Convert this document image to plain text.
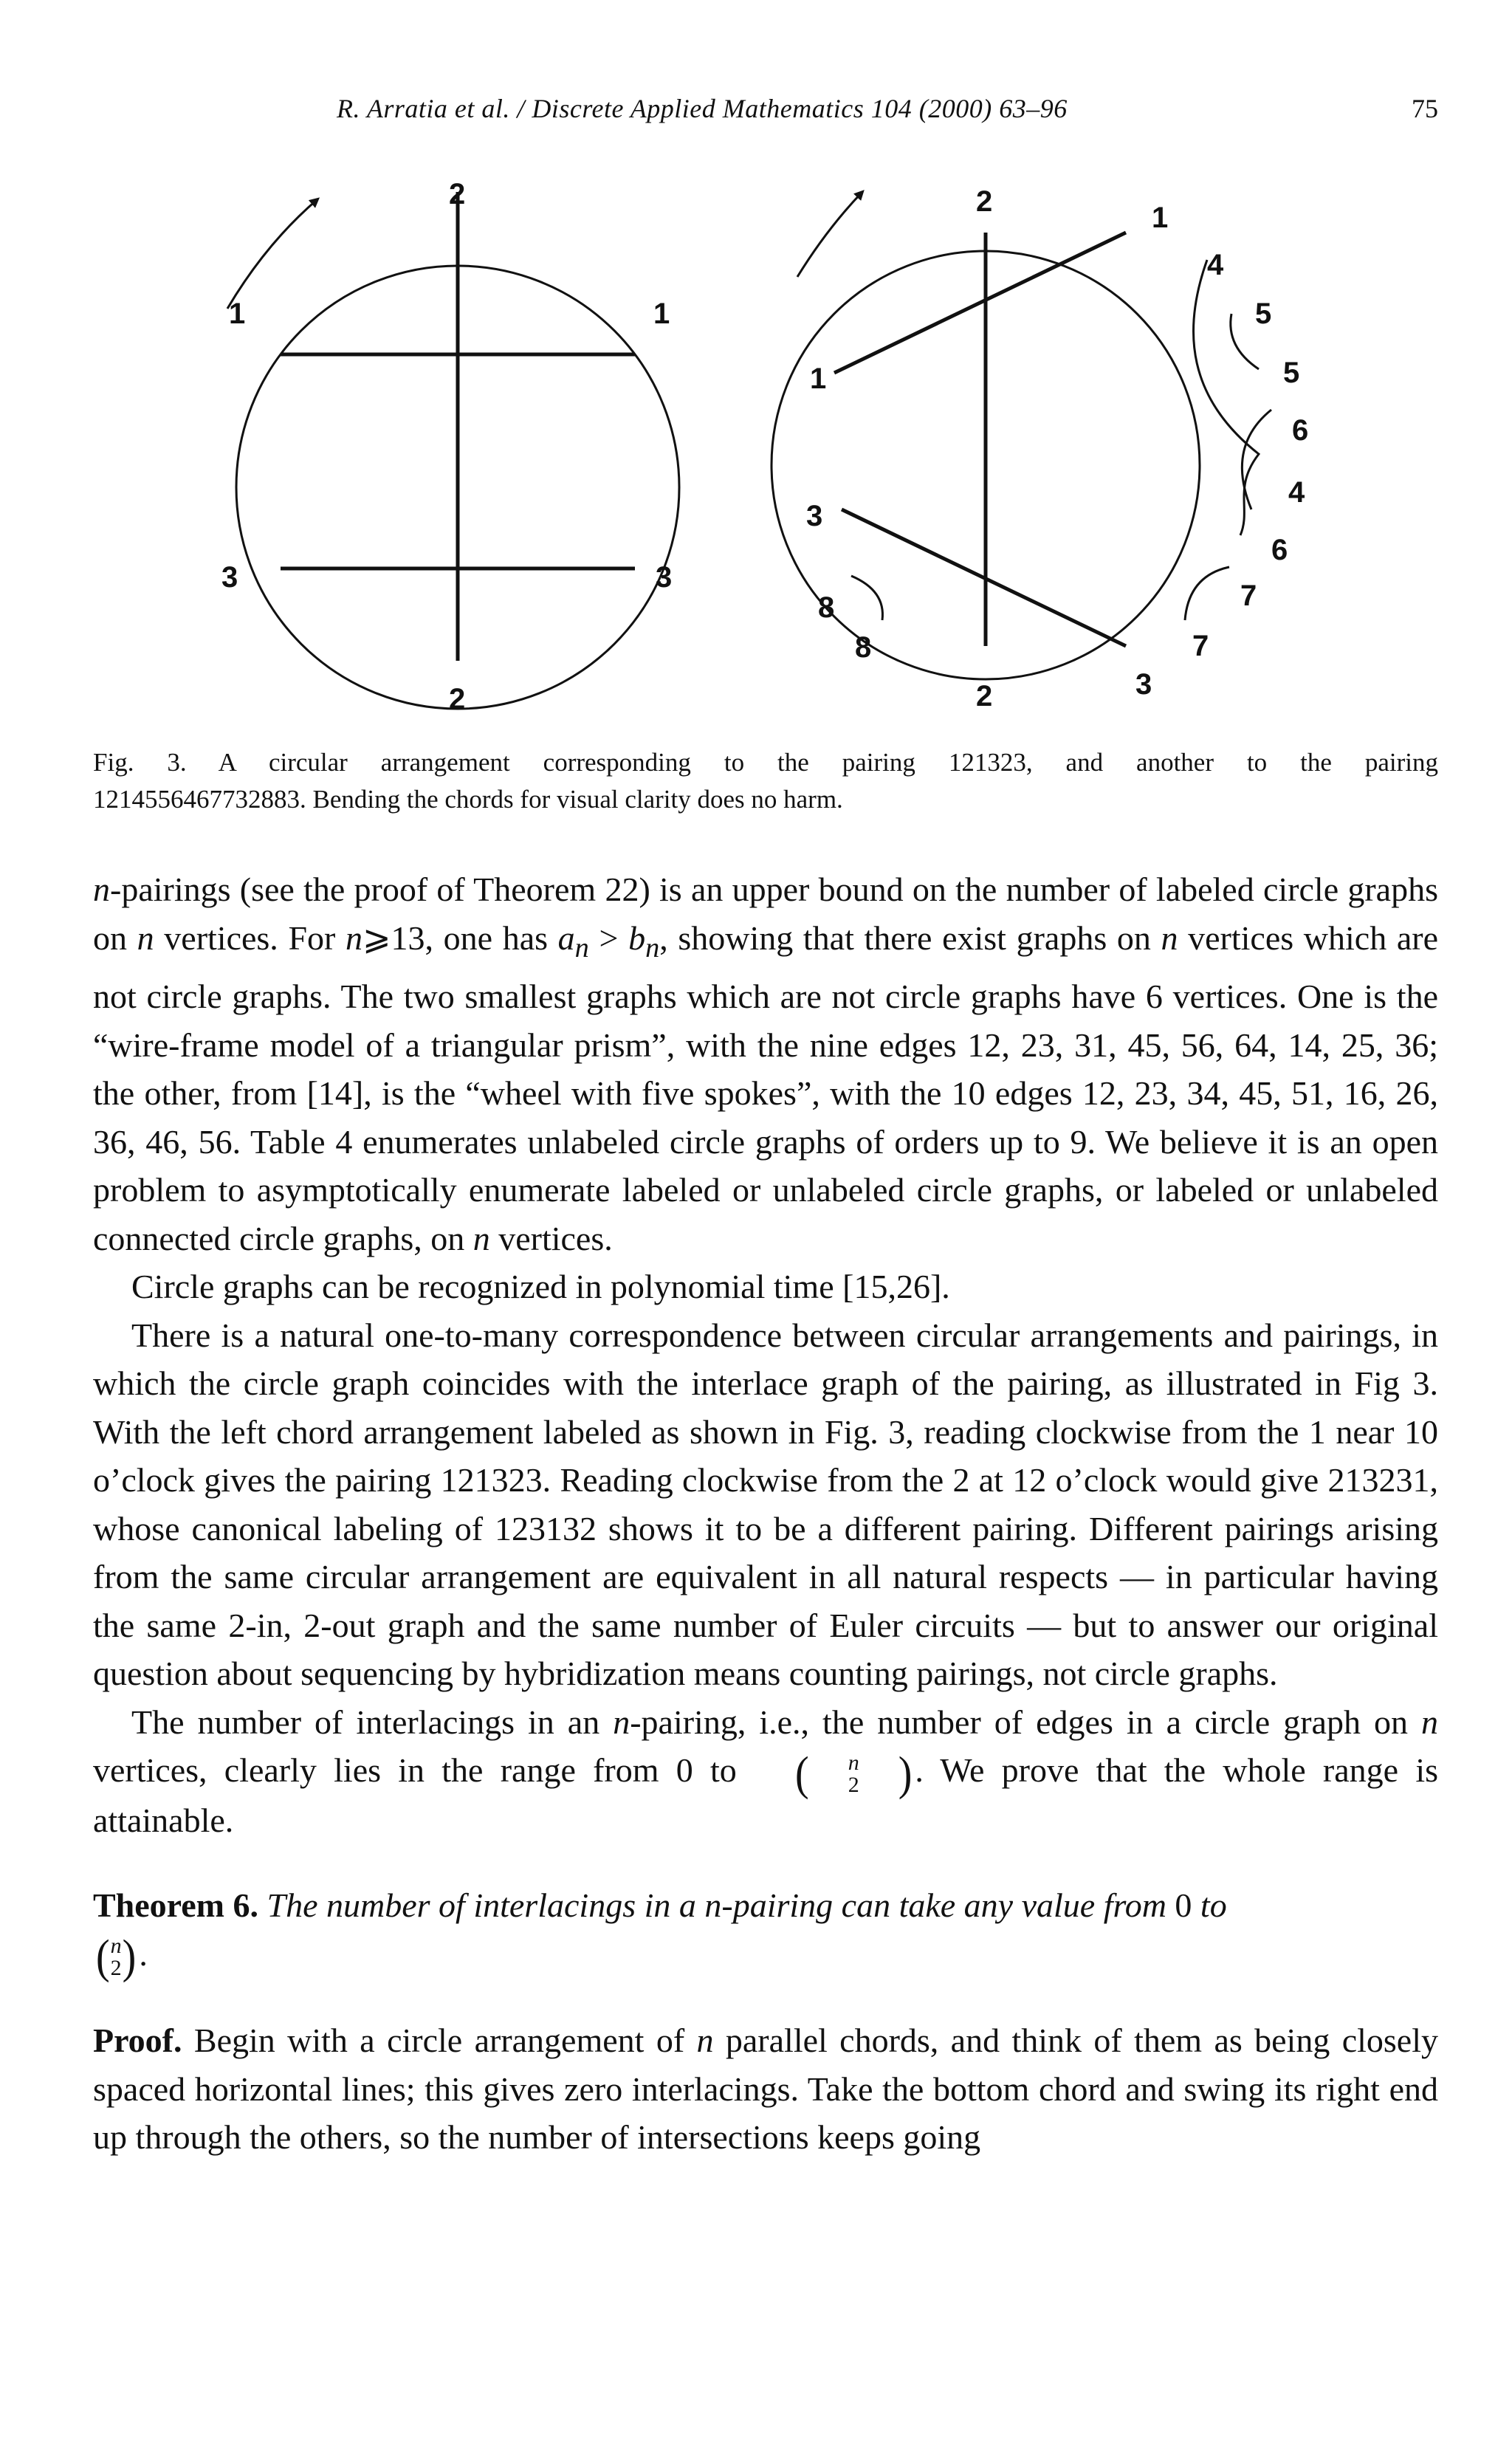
R. Arratia et al. / Discrete Applied Mathematics 104 (2000) 63–96	75
2
1	1
3	3
2
2	1
4
5
5
6
4
6
7
7
3
2
8
8
3
1
Fig. 3. A circular arrangement corresponding to the pairing 121323, and another to the pairing
1214556467732883. Bending the chords for visual clarity does no harm.

n-pairings (see the proof of Theorem 22) is an upper bound on the number of labeled circle graphs on n vertices. For n⩾13, one has $a_n > b_n$, showing that there exist graphs on n vertices which are not circle graphs. The two smallest graphs which are not circle graphs have 6 vertices. One is the “wire-frame model of a triangular prism”, with the nine edges 12, 23, 31, 45, 56, 64, 14, 25, 36; the other, from [14], is the “wheel with five spokes”, with the 10 edges 12, 23, 34, 45, 51, 16, 26, 36, 46, 56. Table 4 enumerates unlabeled circle graphs of orders up to 9. We believe it is an open problem to asymptotically enumerate labeled or unlabeled circle graphs, or labeled or unlabeled connected circle graphs, on n vertices.

Circle graphs can be recognized in polynomial time [15,26].

There is a natural one-to-many correspondence between circular arrangements and pairings, in which the circle graph coincides with the interlace graph of the pairing, as illustrated in Fig 3. With the left chord arrangement labeled as shown in Fig. 3, reading clockwise from the 1 near 10 o’clock gives the pairing 121323. Reading clockwise from the 2 at 12 o’clock would give 213231, whose canonical labeling of 123132 shows it to be a different pairing. Different pairings arising from the same circular arrangement are equivalent in all natural respects — in particular having the same 2-in, 2-out graph and the same number of Euler circuits — but to answer our original question about sequencing by hybridization means counting pairings, not circle graphs.

The number of interlacings in an n-pairing, i.e., the number of edges in a circle graph on n vertices, clearly lies in the range from 0 to	(	n
2 ) . We prove that the whole range is attainable.

Theorem 6. The number of interlacings in a n-pairing can take any value from 0 to

( n
2 ) .

Proof. Begin with a circle arrangement of n parallel chords, and think of them as being closely spaced horizontal lines; this gives zero interlacings. Take the bottom chord and swing its right end up through the others, so the number of intersections keeps going
